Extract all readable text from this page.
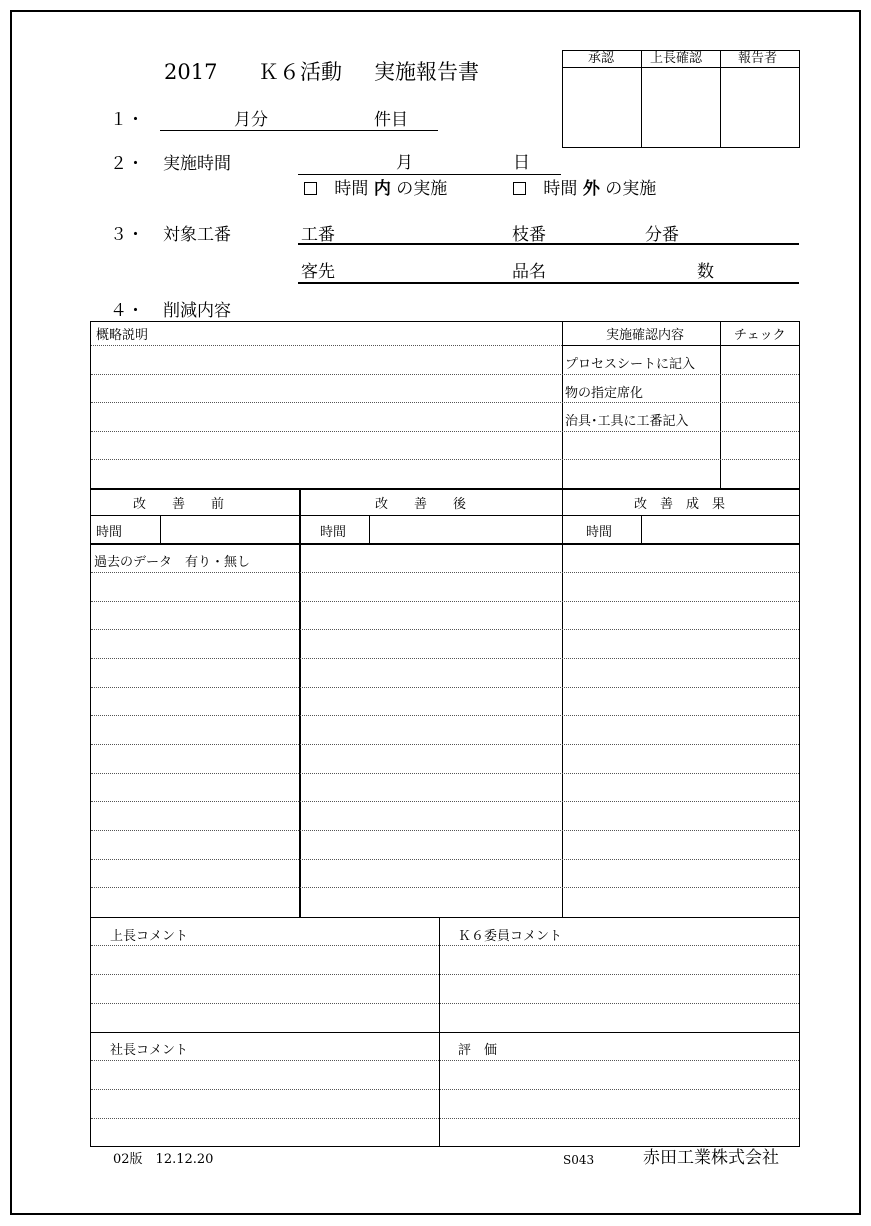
2017 Ｋ６活動 実施報告書
承認	上長確認	報告者
１・	月分	件目
２・ 実施時間	月	日
時間 内 の実施	時間 外 の実施
３・ 対象工番	工番	枝番	分番
客先	品名	数
４・ 削減内容
概略説明	実施確認内容	チェック
プロセスシートに記入
物の指定席化
治具･工具に工番記入
改　　善　　前	改　　善　　後	改　善　成　果
時間	時間	時間
過去のデータ　有り・無し
上長コメント	Ｋ６委員コメント
社長コメント	評　価
02版　12.12.20	S043	赤田工業株式会社
